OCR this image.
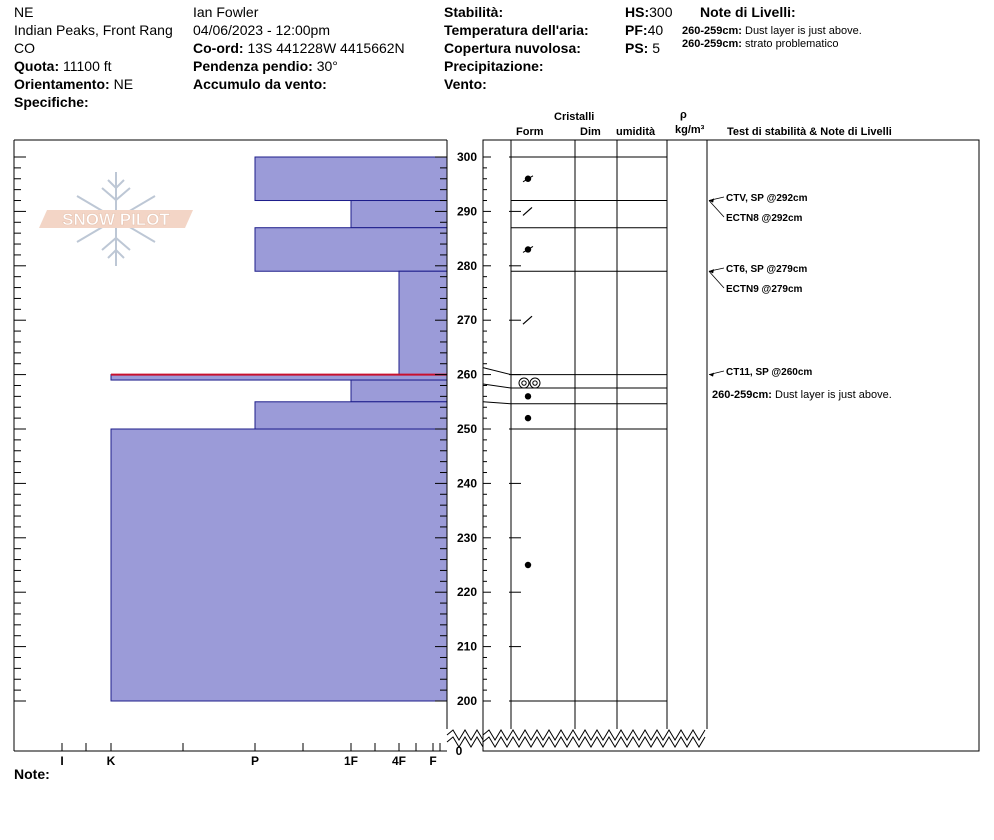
NE
Indian Peaks, Front Rang
CO
Quota: 11100 ft
Orientamento: NE
Specifiche:
Ian Fowler
04/06/2023 - 12:00pm
Co-ord: 13S 441228W 4415662N
Pendenza pendio: 30°
Accumulo da vento:
Stabilità:
Temperatura dell'aria:
Copertura nuvolosa:
Precipitazione:
Vento:
HS:300
PF:40
PS: 5
Note di Livelli:
260-259cm: Dust layer is just above.
260-259cm: strato problematico
Cristalli
Form	Dim umidità
ρ
kg/m³ Test di stabilità & Note di Livelli
SNOW PILOT
300
290
280
270
260
250
240
230
220
210
200
0
I	K	P	1F	4F F
CTV, SP @292cm
ECTN8 @292cm
CT6, SP @279cm
ECTN9 @279cm
CT11, SP @260cm
260-259cm: Dust layer is just above.
Note:
